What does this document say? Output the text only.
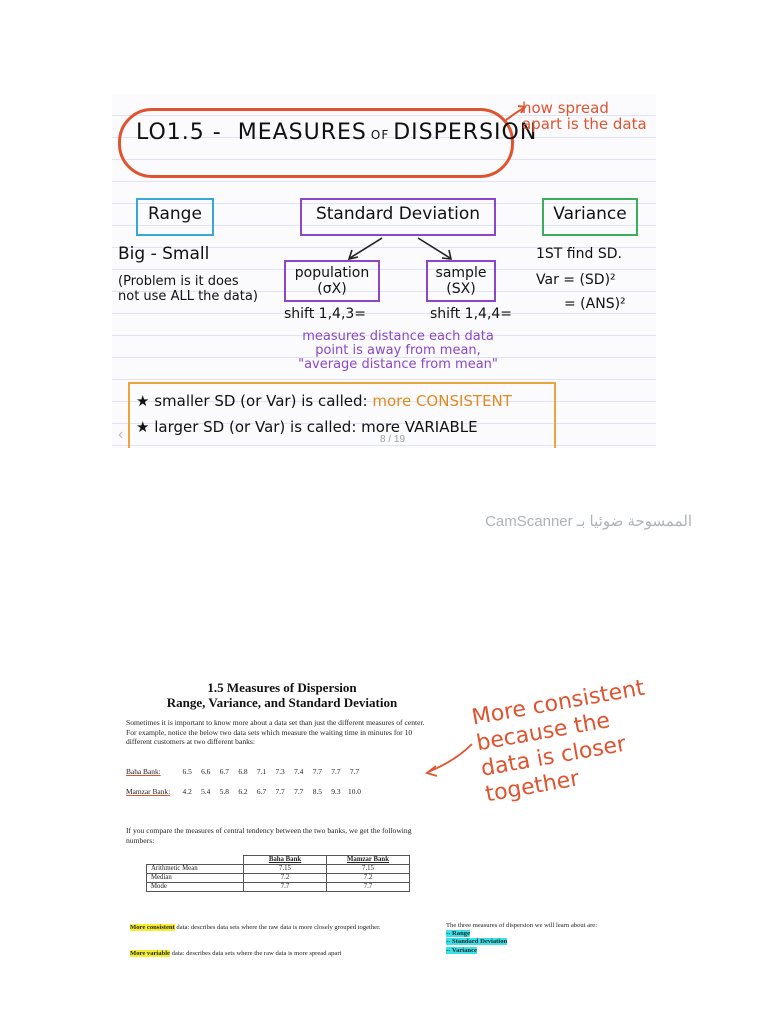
LO1.5 - MEASURES OF DISPERSION
how spread apart is the data
Range
Big - Small
(Problem is it does not use ALL the data)
Standard Deviation
population (σX)
sample (SX)
shift 1,4,3=	shift 1,4,4=
measures distance each data point is away from mean, "average distance from mean"
Variance
1ST find SD.
Var = (SD)²
= (ANS)²
★ smaller SD (or Var) is called: more CONSISTENT
★ larger SD (or Var) is called: more VARIABLE
‹	8 / 19
الممسوحة ضوئيا بـ CamScanner
1.5 Measures of Dispersion
Range, Variance, and Standard Deviation
Sometimes it is important to know more about a data set than just the different measures of center. For example, notice the below two data sets which measure the waiting time in minutes for 10 different customers at two different banks:
Baha Bank:	6.5 6.6 6.7 6.8 7.1 7.3 7.4 7.7 7.7 7.7
Mamzar Bank: 4.2 5.4 5.8 6.2 6.7 7.7 7.7 8.5 9.3 10.0
If you compare the measures of central tendency between the two banks, we get the following numbers:
	Baha Bank	Mamzar Bank
Arithmetic Mean	7.15	7.15
Median	7.2	7.2
Mode	7.7	7.7
More consistent data: describes data sets where the raw data is more closely grouped together.
More variable data: describes data sets where the raw data is more spread apart
The three measures of dispersion we will learn about are:
-- Range
-- Standard Deviation
-- Variance
More consistent because the data is closer together
